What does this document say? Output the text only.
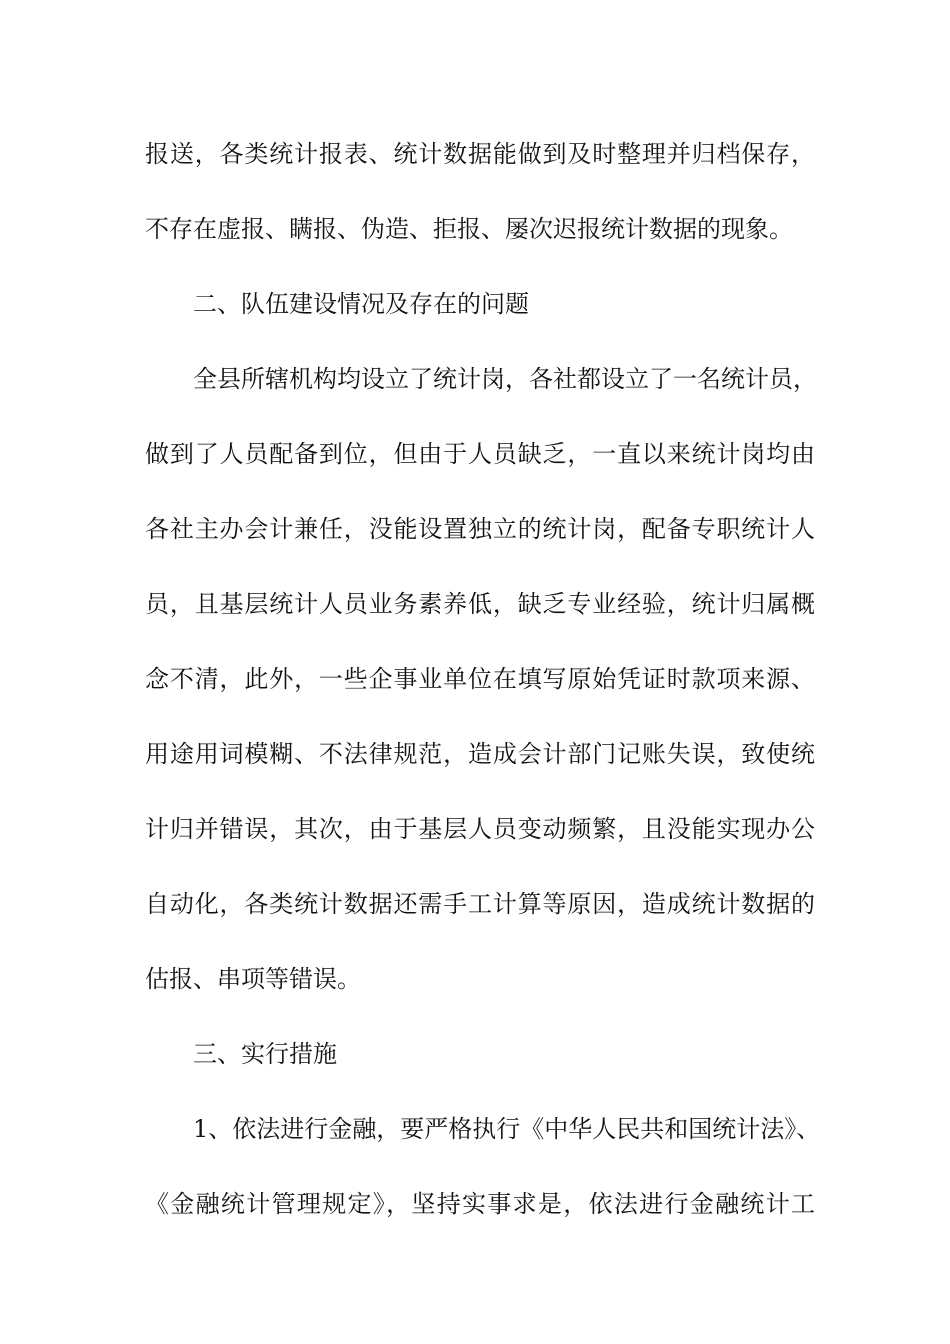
报送，各类统计报表、统计数据能做到及时整理并归档保存，
不存在虚报、瞒报、伪造、拒报、屡次迟报统计数据的现象。
二、队伍建设情况及存在的问题
全县所辖机构均设立了统计岗，各社都设立了一名统计员，
做到了人员配备到位，但由于人员缺乏，一直以来统计岗均由
各社主办会计兼任，没能设置独立的统计岗，配备专职统计人
员，且基层统计人员业务素养低，缺乏专业经验，统计归属概
念不清，此外，一些企事业单位在填写原始凭证时款项来源、
用途用词模糊、不法律规范，造成会计部门记账失误，致使统
计归并错误，其次，由于基层人员变动频繁，且没能实现办公
自动化，各类统计数据还需手工计算等原因，造成统计数据的
估报、串项等错误。
三、实行措施
1、依法进行金融，要严格执行《中华人民共和国统计法》、
《金融统计管理规定》，坚持实事求是，依法进行金融统计工
